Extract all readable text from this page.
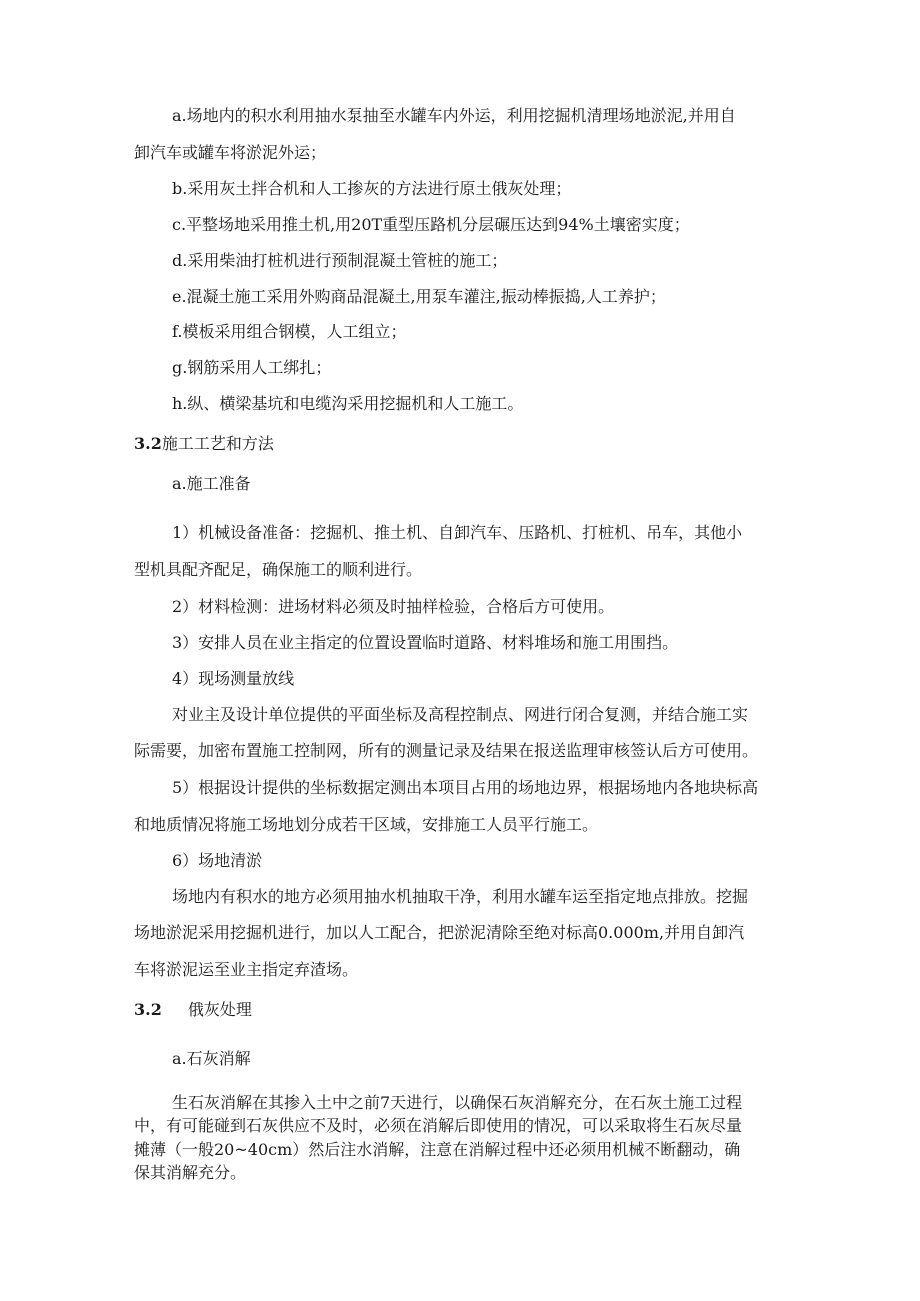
a.场地内的积水利用抽水泵抽至水罐车内外运，利用挖掘机清理场地淤泥,并用自

卸汽车或罐车将淤泥外运；

b.采用灰土拌合机和人工掺灰的方法进行原土俄灰处理；

c.平整场地采用推土机,用20T重型压路机分层碾压达到94%土壤密实度；

d.采用柴油打桩机进行预制混凝土管桩的施工；

e.混凝土施工采用外购商品混凝土,用泵车灌注,振动棒振捣,人工养护；

f.模板采用组合钢模，人工组立；

g.钢筋采用人工绑扎；

h.纵、横梁基坑和电缆沟采用挖掘机和人工施工。

3.2施工工艺和方法

a.施工准备

1）机械设备准备：挖掘机、推土机、自卸汽车、压路机、打桩机、吊车，其他小

型机具配齐配足，确保施工的顺利进行。

2）材料检测：进场材料必须及时抽样检验，合格后方可使用。

3）安排人员在业主指定的位置设置临时道路、材料堆场和施工用围挡。

4）现场测量放线

对业主及设计单位提供的平面坐标及高程控制点、网进行闭合复测，并结合施工实

际需要，加密布置施工控制网，所有的测量记录及结果在报送监理审核签认后方可使用。

5）根据设计提供的坐标数据定测出本项目占用的场地边界，根据场地内各地块标高

和地质情况将施工场地划分成若干区域，安排施工人员平行施工。

6）场地清淤

场地内有积水的地方必须用抽水机抽取干净，利用水罐车运至指定地点排放。挖掘

场地淤泥采用挖掘机进行，加以人工配合，把淤泥清除至绝对标高0.000m,并用自卸汽

车将淤泥运至业主指定弃渣场。

3.2 俄灰处理

a.石灰消解

生石灰消解在其掺入土中之前7天进行，以确保石灰消解充分，在石灰土施工过程

中，有可能碰到石灰供应不及时，必须在消解后即使用的情况，可以采取将生石灰尽量

摊薄（一般20~40cm）然后注水消解，注意在消解过程中还必须用机械不断翻动，确

保其消解充分。
